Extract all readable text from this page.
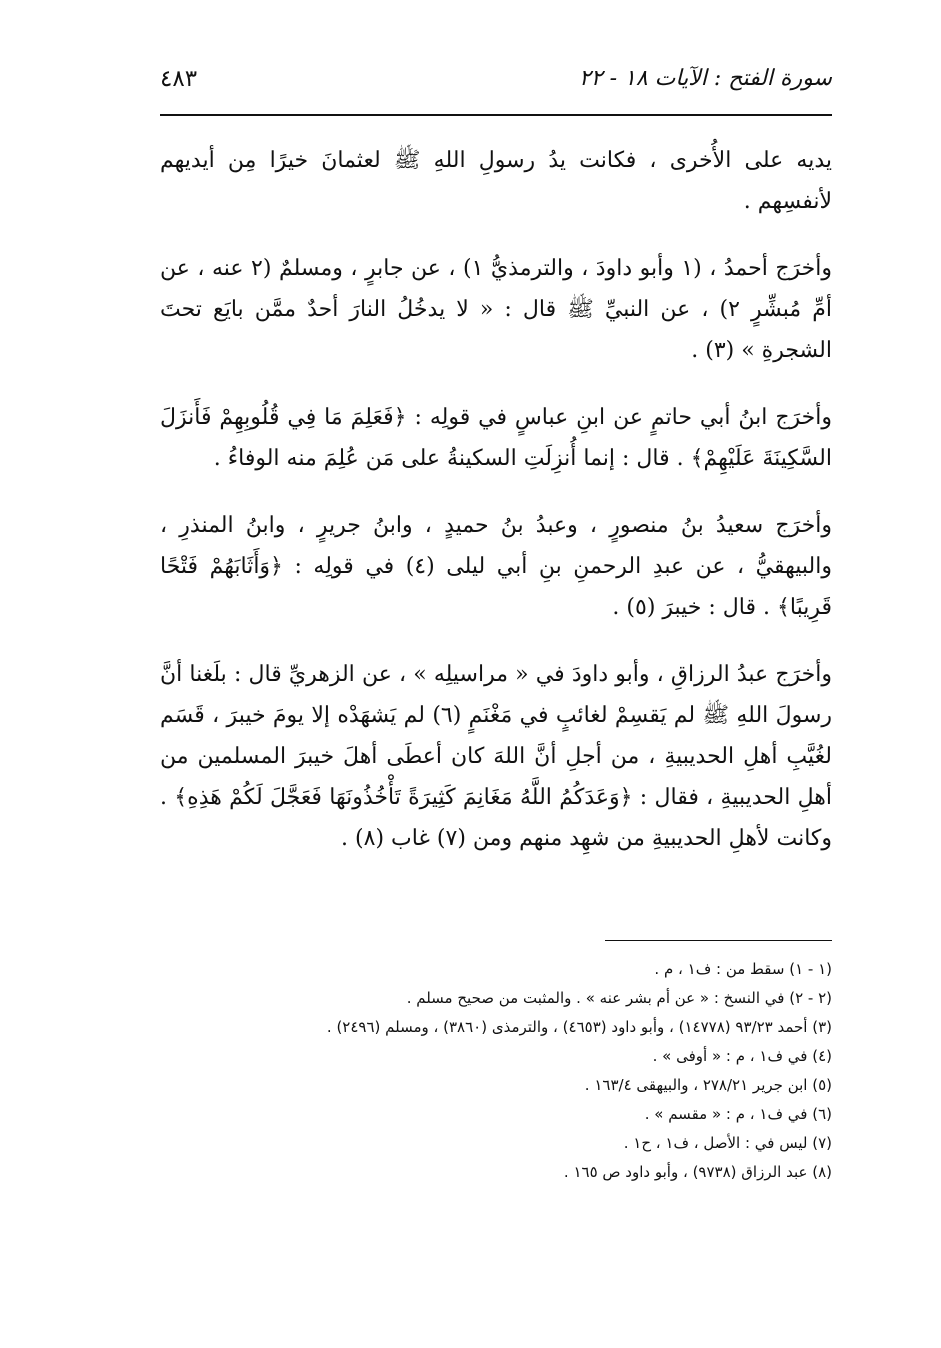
سورة الفتح : الآيات ١٨ - ٢٢
٤٨٣

يديه على الأُخرى ، فكانت يدُ رسولِ اللهِ ﷺ لعثمانَ خيرًا مِن أيديهم لأنفسِهم .

وأخرَج أحمدُ ، (١ وأبو داودَ ، والترمذيُّ ١) ، عن جابرٍ ، ومسلمٌ (٢ عنه ، عن أمِّ مُبشِّرٍ ٢) ، عن النبيِّ ﷺ قال : « لا يدخُلُ النارَ أحدٌ ممَّن بايَع تحتَ الشجرةِ » (٣) .

وأخرَج ابنُ أبي حاتمٍ عن ابنِ عباسٍ في قولِه : ﴿فَعَلِمَ مَا فِي قُلُوبِهِمْ فَأَنزَلَ السَّكِينَةَ عَلَيْهِمْ﴾ . قال : إنما أُنزِلَتِ السكينةُ على مَن عُلِمَ منه الوفاءُ .

وأخرَج سعيدُ بنُ منصورٍ ، وعبدُ بنُ حميدٍ ، وابنُ جريرٍ ، وابنُ المنذرِ ، والبيهقيُّ ، عن عبدِ الرحمنِ بنِ أبي ليلى (٤) في قولِه : ﴿وَأَثَابَهُمْ فَتْحًا قَرِيبًا﴾ . قال : خيبرَ (٥) .

وأخرَج عبدُ الرزاقِ ، وأبو داودَ في « مراسيلِه » ، عن الزهريِّ قال : بلَغنا أنَّ رسولَ اللهِ ﷺ لم يَقسِمْ لغائبٍ في مَغْنَمٍ (٦) لم يَشهَدْه إلا يومَ خيبرَ ، قَسَم لغُيَّبِ أهلِ الحديبيةِ ، من أجلِ أنَّ اللهَ كان أعطَى أهلَ خيبرَ المسلمين من أهلِ الحديبيةِ ، فقال : ﴿وَعَدَكُمُ اللَّهُ مَغَانِمَ كَثِيرَةً تَأْخُذُونَهَا فَعَجَّلَ لَكُمْ هَذِهِ﴾ . وكانت لأهلِ الحديبيةِ من شهِد منهم ومن (٧) غاب (٨) .

(١ - ١) سقط من : ف١ ، م .
(٢ - ٢) في النسخ : « عن أم بشر عنه » . والمثبت من صحيح مسلم .
(٣) أحمد ٩٣/٢٣ (١٤٧٧٨) ، وأبو داود (٤٦٥٣) ، والترمذى (٣٨٦٠) ، ومسلم (٢٤٩٦) .
(٤) في ف١ ، م : « أوفى » .
(٥) ابن جرير ٢٧٨/٢١ ، والبيهقى ١٦٣/٤ .
(٦) في ف١ ، م : « مقسم » .
(٧) ليس في : الأصل ، ف١ ، ح١ .
(٨) عبد الرزاق (٩٧٣٨) ، وأبو داود ص ١٦٥ .
